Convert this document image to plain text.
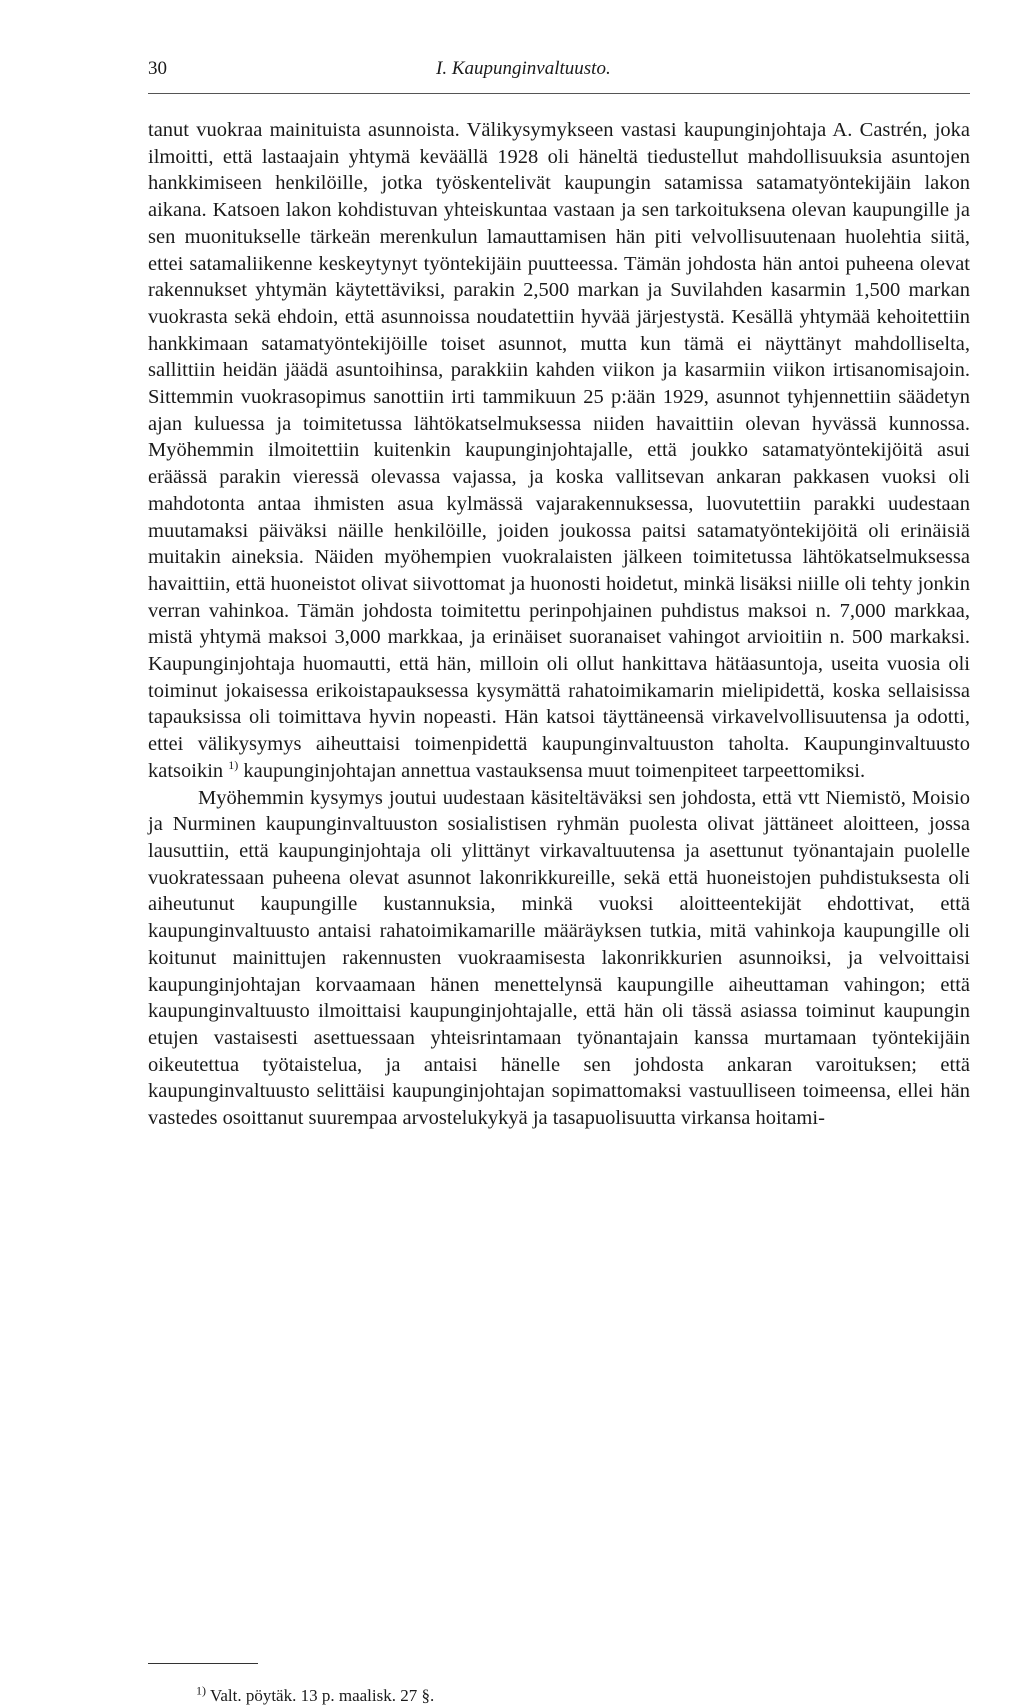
30	I. Kaupunginvaltuusto.

tanut vuokraa mainituista asunnoista. Välikysymykseen vastasi kaupunginjohtaja A. Castrén, joka ilmoitti, että lastaajain yhtymä keväällä 1928 oli häneltä tiedustellut mahdollisuuksia asuntojen hankkimiseen henkilöille, jotka työskentelivät kaupungin satamissa satamatyöntekijäin lakon aikana. Katsoen lakon kohdistuvan yhteiskuntaa vastaan ja sen tarkoituksena olevan kaupungille ja sen muonitukselle tärkeän merenkulun lamauttamisen hän piti velvollisuutenaan huolehtia siitä, ettei satamaliikenne keskeytynyt työntekijäin puutteessa. Tämän johdosta hän antoi puheena olevat rakennukset yhtymän käytettäviksi, parakin 2,500 markan ja Suvilahden kasarmin 1,500 markan vuokrasta sekä ehdoin, että asunnoissa noudatettiin hyvää järjestystä. Kesällä yhtymää kehoitettiin hankkimaan satamatyöntekijöille toiset asunnot, mutta kun tämä ei näyttänyt mahdolliselta, sallittiin heidän jäädä asuntoihinsa, parakkiin kahden viikon ja kasarmiin viikon irtisanomisajoin. Sittemmin vuokrasopimus sanottiin irti tammikuun 25 p:ään 1929, asunnot tyhjennettiin säädetyn ajan kuluessa ja toimitetussa lähtökatselmuksessa niiden havaittiin olevan hyvässä kunnossa. Myöhemmin ilmoitettiin kuitenkin kaupunginjohtajalle, että joukko satamatyöntekijöitä asui eräässä parakin vieressä olevassa vajassa, ja koska vallitsevan ankaran pakkasen vuoksi oli mahdotonta antaa ihmisten asua kylmässä vajarakennuksessa, luovutettiin parakki uudestaan muutamaksi päiväksi näille henkilöille, joiden joukossa paitsi satamatyöntekijöitä oli erinäisiä muitakin aineksia. Näiden myöhempien vuokralaisten jälkeen toimitetussa lähtökatselmuksessa havaittiin, että huoneistot olivat siivottomat ja huonosti hoidetut, minkä lisäksi niille oli tehty jonkin verran vahinkoa. Tämän johdosta toimitettu perinpohjainen puhdistus maksoi n. 7,000 markkaa, mistä yhtymä maksoi 3,000 markkaa, ja erinäiset suoranaiset vahingot arvioitiin n. 500 markaksi. Kaupunginjohtaja huomautti, että hän, milloin oli ollut hankittava hätäasuntoja, useita vuosia oli toiminut jokaisessa erikoistapauksessa kysymättä rahatoimikamarin mielipidettä, koska sellaisissa tapauksissa oli toimittava hyvin nopeasti. Hän katsoi täyttäneensä virkavelvollisuutensa ja odotti, ettei välikysymys aiheuttaisi toimenpidettä kaupunginvaltuuston taholta. Kaupunginvaltuusto katsoikin $^{1)}$ kaupunginjohtajan annettua vastauksensa muut toimenpiteet tarpeettomiksi.

Myöhemmin kysymys joutui uudestaan käsiteltäväksi sen johdosta, että vtt Niemistö, Moisio ja Nurminen kaupunginvaltuuston sosialistisen ryhmän puolesta olivat jättäneet aloitteen, jossa lausuttiin, että kaupunginjohtaja oli ylittänyt virkavaltuutensa ja asettunut työnantajain puolelle vuokratessaan puheena olevat asunnot lakonrikkureille, sekä että huoneistojen puhdistuksesta oli aiheutunut kaupungille kustannuksia, minkä vuoksi aloitteentekijät ehdottivat, että kaupunginvaltuusto antaisi rahatoimikamarille määräyksen tutkia, mitä vahinkoja kaupungille oli koitunut mainittujen rakennusten vuokraamisesta lakonrikkurien asunnoiksi, ja velvoittaisi kaupunginjohtajan korvaamaan hänen menettelynsä kaupungille aiheuttaman vahingon; että kaupunginvaltuusto ilmoittaisi kaupunginjohtajalle, että hän oli tässä asiassa toiminut kaupungin etujen vastaisesti asettuessaan yhteisrintamaan työnantajain kanssa murtamaan työntekijäin oikeutettua työtaistelua, ja antaisi hänelle sen johdosta ankaran varoituksen; että kaupunginvaltuusto selittäisi kaupunginjohtajan sopimattomaksi vastuulliseen toimeensa, ellei hän vastedes osoittanut suurempaa arvostelukykyä ja tasapuolisuutta virkansa hoitami-

$^{1)}$ Valt. pöytäk. 13 p. maalisk. 27 §.
